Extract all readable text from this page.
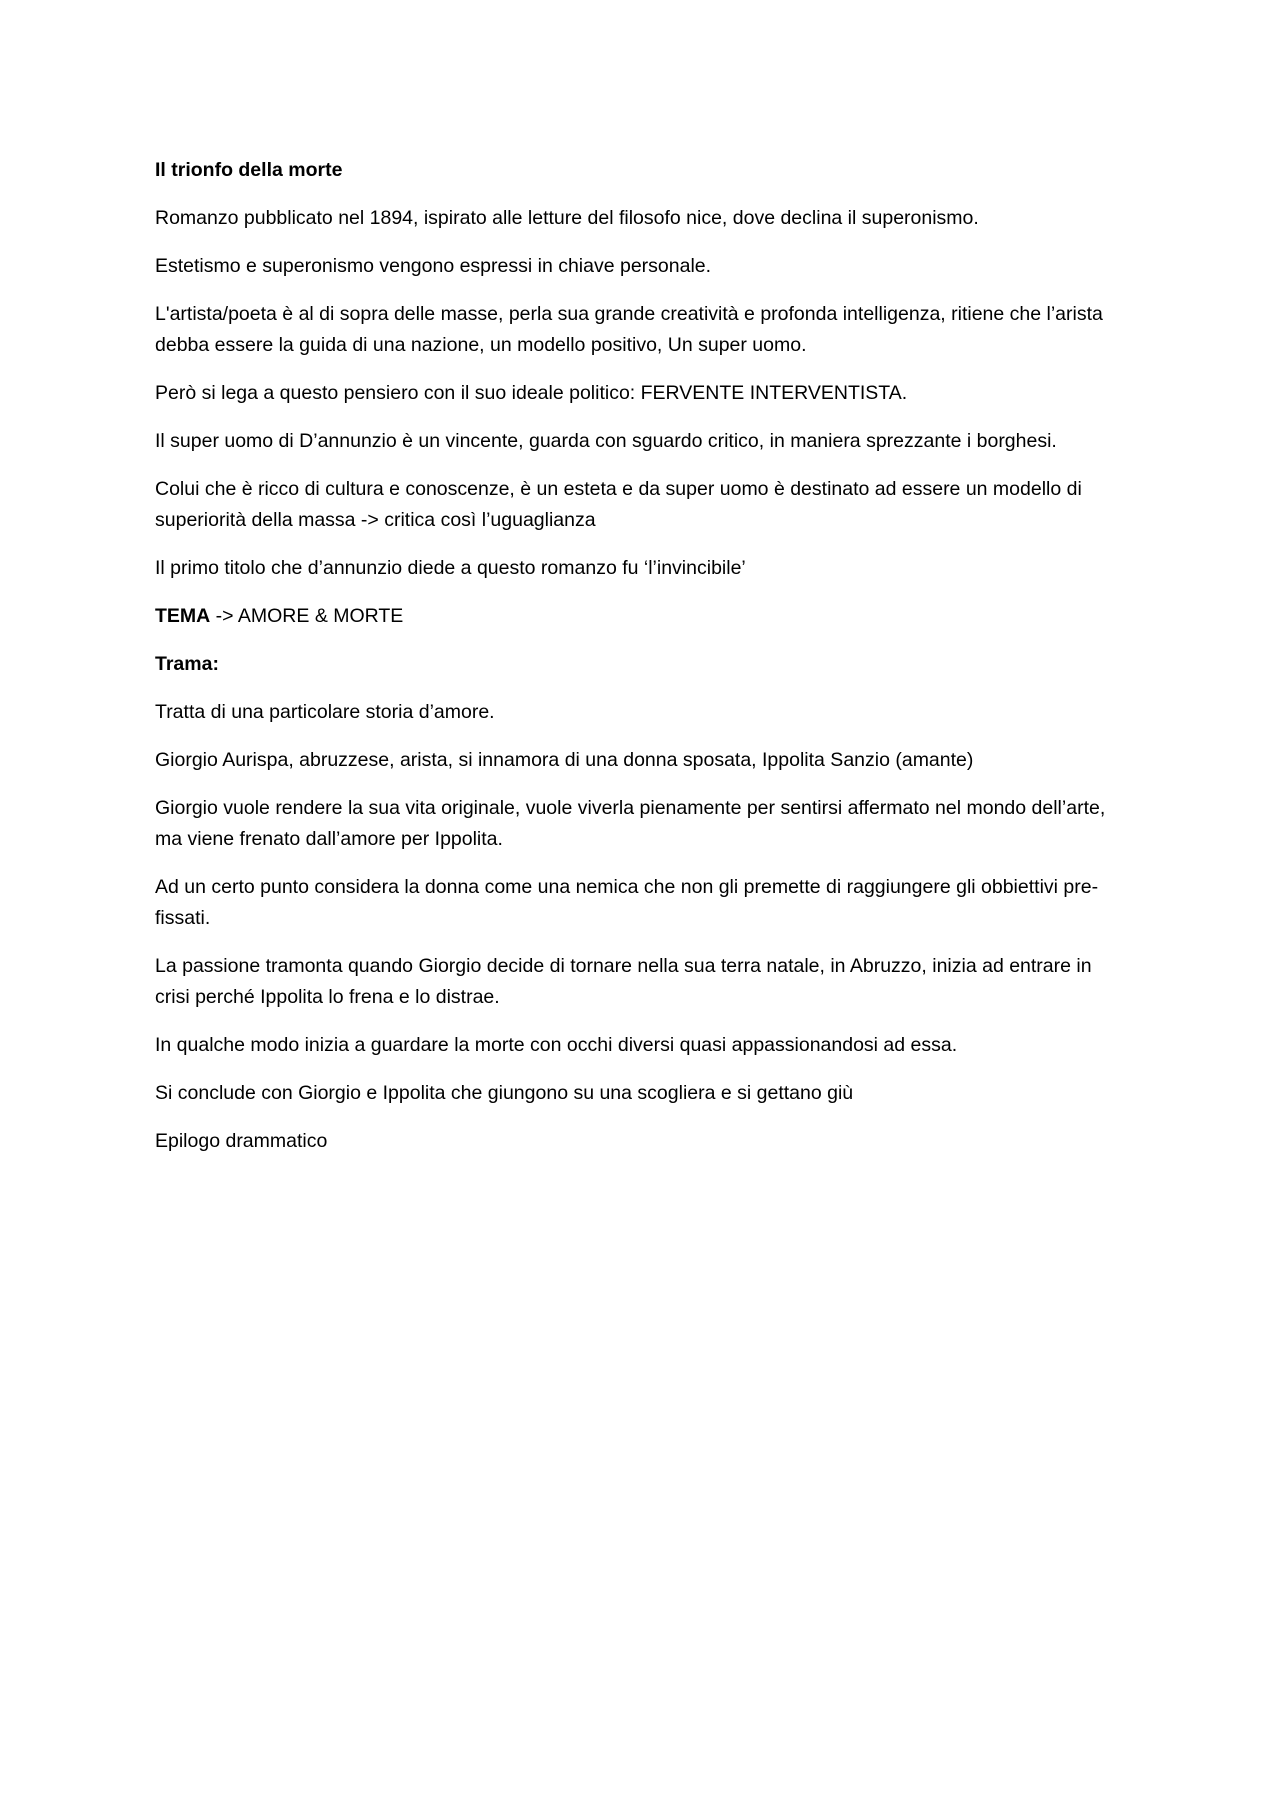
Il trionfo della morte

Romanzo pubblicato nel 1894, ispirato alle letture del filosofo nice, dove declina il superonismo.

Estetismo e superonismo vengono espressi in chiave personale.

L'artista/poeta è al di sopra delle masse, perla sua grande creatività e profonda intelligenza, ritiene che l’arista debba essere la guida di una nazione, un modello positivo, Un super uomo.

Però si lega a questo pensiero con il suo ideale politico: FERVENTE INTERVENTISTA.

Il super uomo di D’annunzio è un vincente, guarda con sguardo critico, in maniera sprezzante i borghesi.

Colui che è ricco di cultura e conoscenze, è un esteta e da super uomo è destinato ad essere un modello di superiorità della massa -> critica così l’uguaglianza

Il primo titolo che d’annunzio diede a questo romanzo fu ‘l’invincibile’

TEMA -> AMORE & MORTE

Trama:

Tratta di una particolare storia d’amore.

Giorgio Aurispa, abruzzese, arista, si innamora di una donna sposata, Ippolita Sanzio (amante)

Giorgio vuole rendere la sua vita originale, vuole viverla pienamente per sentirsi affermato nel mondo dell’arte, ma viene frenato dall’amore per Ippolita.

Ad un certo punto considera la donna come una nemica che non gli premette di raggiungere gli obbiettivi pre-fissati.

La passione tramonta quando Giorgio decide di tornare nella sua terra natale, in Abruzzo, inizia ad entrare in crisi perché Ippolita lo frena e lo distrae.

In qualche modo inizia a guardare la morte con occhi diversi quasi appassionandosi ad essa.

Si conclude con Giorgio e Ippolita che giungono su una scogliera e si gettano giù

Epilogo drammatico
